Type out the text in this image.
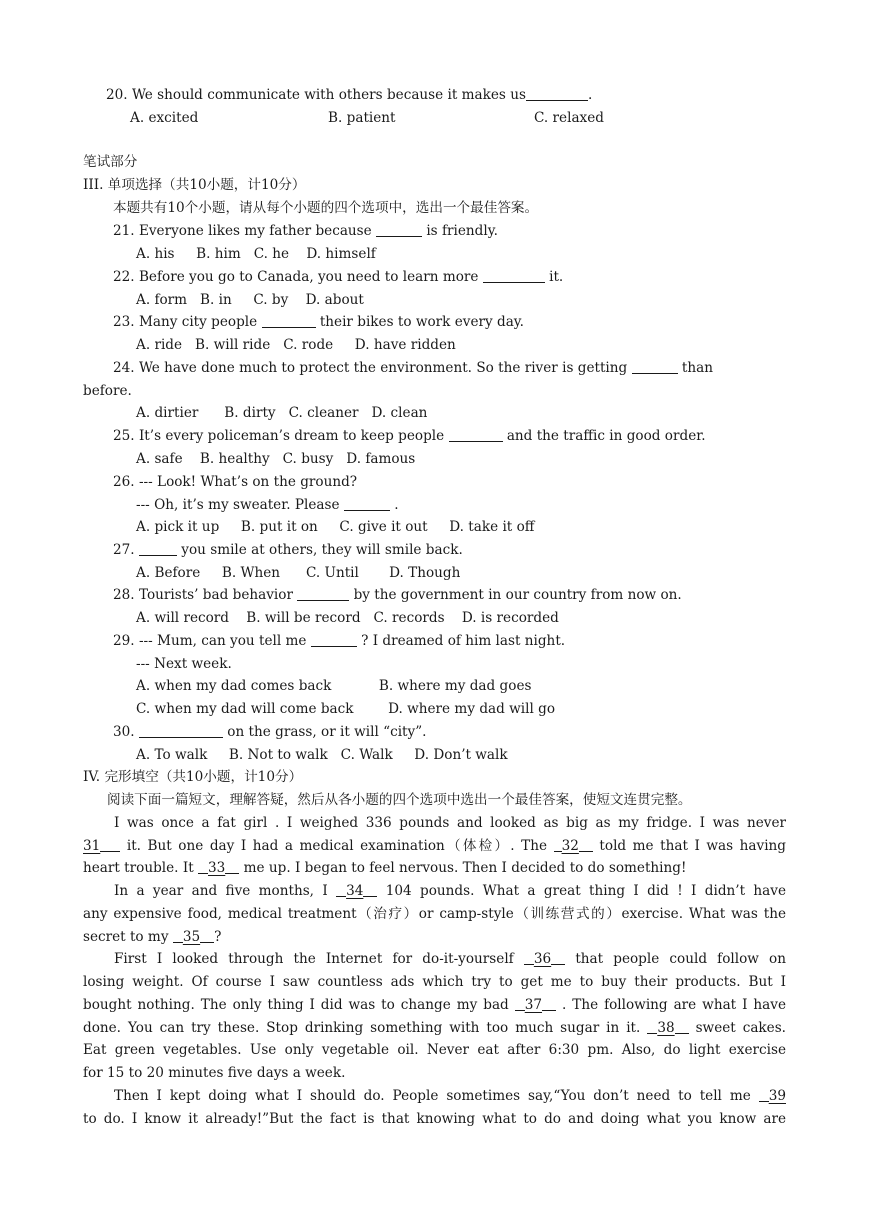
20. We should communicate with others because it makes us	.
A. excited	B. patient	C. relaxed
笔试部分
III. 单项选择（共10小题，计10分）
本题共有10个小题，请从每个小题的四个选项中，选出一个最佳答案。
21. Everyone likes my father because	is friendly.
A. his     B. him   C. he    D. himself
22. Before you go to Canada, you need to learn more	it.
A. form   B. in     C. by    D. about
23. Many city people	their bikes to work every day.
A. ride   B. will ride   C. rode     D. have ridden
24. We have done much to protect the environment. So the river is getting	than
before.
A. dirtier      B. dirty   C. cleaner   D. clean
25. It’s every policeman’s dream to keep people	and the traffic in good order.
A. safe    B. healthy   C. busy   D. famous
26. --- Look! What’s on the ground?
--- Oh, it’s my sweater. Please	.
A. pick it up     B. put it on     C. give it out     D. take it off
27.	you smile at others, they will smile back.
A. Before     B. When      C. Until       D. Though
28. Tourists’ bad behavior	by the government in our country from now on.
A. will record    B. will be record   C. records    D. is recorded
29. --- Mum, can you tell me	? I dreamed of him last night.
--- Next week.
A. when my dad comes back           B. where my dad goes
C. when my dad will come back        D. where my dad will go
30.	on the grass, or it will “city”.
A. To walk     B. Not to walk   C. Walk     D. Don’t walk
IV. 完形填空（共10小题，计10分）
阅读下面一篇短文，理解答疑，然后从各小题的四个选项中选出一个最佳答案，使短文连贯完整。
I was once a fat girl . I weighed 336 pounds and looked as big as my fridge. I was never
31 it. But one day I had a medical examination（体检）. The 32 told me that I was having
heart trouble. It 33 me up. I began to feel nervous. Then I decided to do something!
In a year and five months, I 34 104 pounds. What a great thing I did ! I didn’t have
any expensive food, medical treatment（治疗）or camp-style（训练营式的）exercise. What was the
secret to my 35 ?
First I looked through the Internet for do-it-yourself 36 that people could follow on
losing weight. Of course I saw countless ads which try to get me to buy their products. But I
bought nothing. The only thing I did was to change my bad 37 . The following are what I have
done. You can try these. Stop drinking something with too much sugar in it. 38 sweet cakes.
Eat green vegetables. Use only vegetable oil. Never eat after 6:30 pm. Also, do light exercise
for 15 to 20 minutes five days a week.
Then I kept doing what I should do. People sometimes say,“You don’t need to tell me 39
to do. I know it already!”But the fact is that knowing what to do and doing what you know are
